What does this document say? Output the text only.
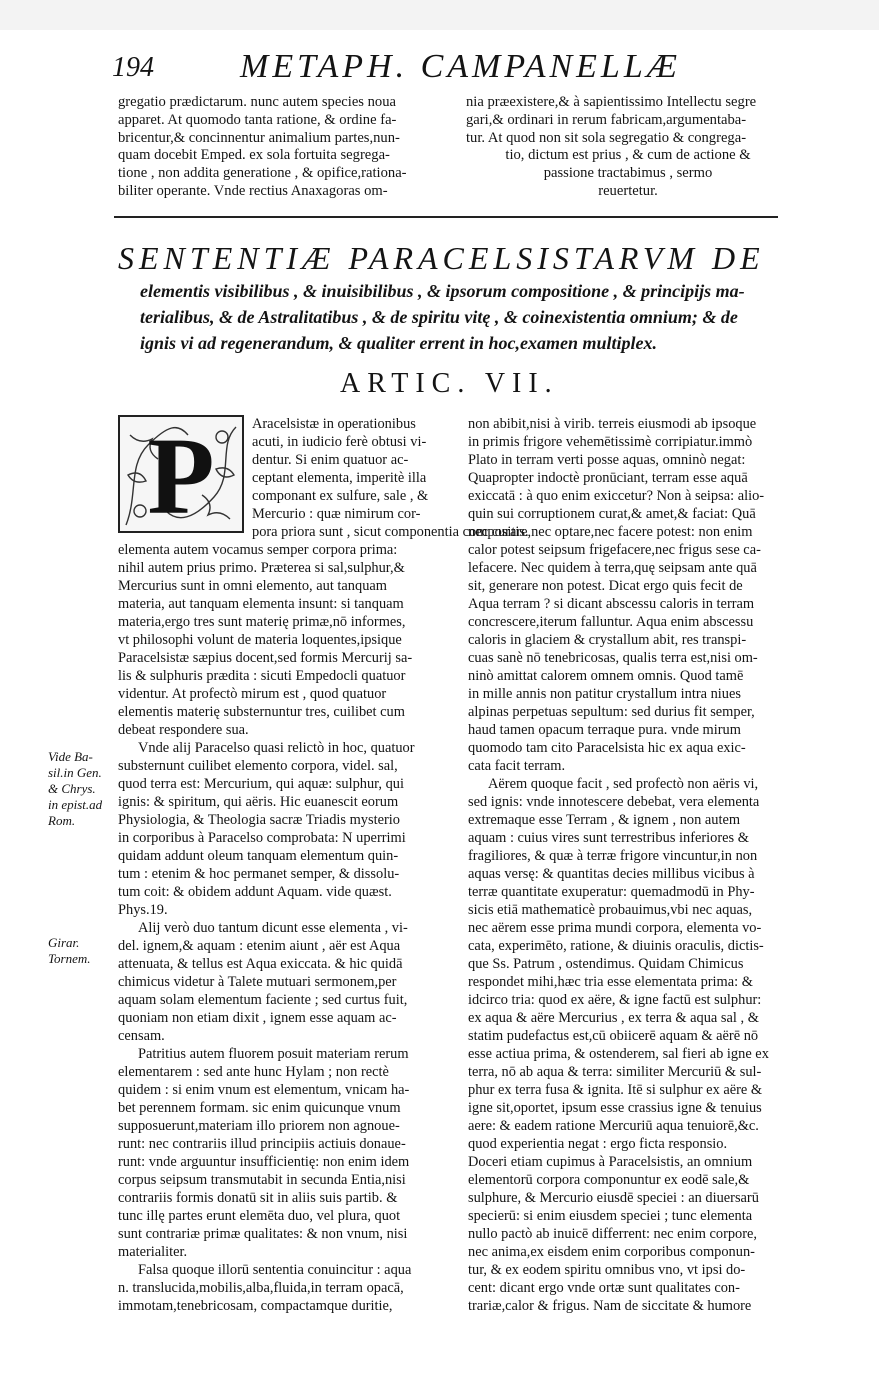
194	METAPH. CAMPANELLÆ
gregatio prædictarum. nunc autem species noua
apparet. At quomodo tanta ratione, & ordine fa-
bricentur,& concinnentur animalium partes,nun-
quam docebit Emped. ex sola fortuita segrega-
tione , non addita generatione , & opifice,rationa-
biliter operante. Vnde rectius Anaxagoras om-
nia præexistere,& à sapientissimo Intellectu segre
gari,& ordinari in rerum fabricam,argumentaba-
tur. At quod non sit sola segregatio & congrega-
tio, dictum est prius , & cum de actione &
passione tractabimus , sermo
reuertetur.
SENTENTIÆ PARACELSISTARVM DE
elementis visibilibus , & inuisibilibus , & ipsorum compositione , & principijs ma-
terialibus, & de Astralitatibus , & de spiritu vitę , & coinexistentia omnium; & de
ignis vi ad regenerandum, & qualiter errent in hoc,examen multiplex.
ARTIC. VII.
P	Aracelsistæ in operationibus
acuti, in iudicio ferè obtusi vi-
dentur. Si enim quatuor ac-
ceptant elementa, imperitè illa
componant ex sulfure, sale , &
Mercurio : quæ nimirum cor-
pora priora sunt , sicut componentia compositis.
elementa autem vocamus semper corpora prima:
nihil autem prius primo. Præterea si sal,sulphur,&
Mercurius sunt in omni elemento, aut tanquam
materia, aut tanquam elementa insunt: si tanquam
materia,ergo tres sunt materię primæ,nō informes,
vt philosophi volunt de materia loquentes,ipsique
Paracelsistæ sæpius docent,sed formis Mercurij sa-
lis & sulphuris prædita : sicuti Empedocli quatuor
videntur. At profectò mirum est , quod quatuor
elementis materię substernuntur tres, cuilibet cum
debeat respondere sua.
Vnde alij Paracelso quasi relictò in hoc, quatuor
substernunt cuilibet elemento corpora, videl. sal,
quod terra est: Mercurium, qui aquæ: sulphur, qui
ignis: & spiritum, qui aëris. Hic euanescit eorum
Physiologia, & Theologia sacræ Triadis mysterio
in corporibus à Paracelso comprobata: N uperrimi
quidam addunt oleum tanquam elementum quin-
tum : etenim & hoc permanet semper, & dissolu-
tum coit: & obidem addunt Aquam. vide quæst.
Phys.19.
Alij verò duo tantum dicunt esse elementa , vi-
del. ignem,& aquam : etenim aiunt , aër est Aqua
attenuata, & tellus est Aqua exiccata. & hic quidā
chimicus videtur à Talete mutuari sermonem,per
aquam solam elementum faciente ; sed curtus fuit,
quoniam non etiam dixit , ignem esse aquam ac-
censam.
Patritius autem fluorem posuit materiam rerum
elementarem : sed ante hunc Hylam ; non rectè
quidem : si enim vnum est elementum, vnicam ha-
bet perennem formam. sic enim quicunque vnum
supposuerunt,materiam illo priorem non agnoue-
runt: nec contrariis illud principiis actiuis donaue-
runt: vnde arguuntur insufficientię: non enim idem
corpus seipsum transmutabit in secunda Entia,nisi
contrariis formis donatū sit in aliis suis partib. &
tunc illę partes erunt elemēta duo, vel plura, quot
sunt contrariæ primæ qualitates: & non vnum, nisi
materialiter.
Falsa quoque illorū sententia conuincitur : aqua
n. translucida,mobilis,alba,fluida,in terram opacā,
immotam,tenebricosam, compactamque duritie,
Vide Ba-
sil.in Gen.
& Chrys.
in epist.ad
Rom.
Girar.
Tornem.
non abibit,nisi à virib. terreis eiusmodi ab ipsoque
in primis frigore vehemētissimè corripiatur.immò
Plato in terram verti posse aquas, omninò negat:
Quapropter indoctè pronūciant, terram esse aquā
exiccatā : à quo enim exiccetur? Non à seipsa: alio-
quin sui corruptionem curat,& amet,& faciat: Quā
nec curare,nec optare,nec facere potest: non enim
calor potest seipsum frigefacere,nec frigus sese ca-
lefacere. Nec quidem à terra,quę seipsam ante quā
sit, generare non potest. Dicat ergo quis fecit de
Aqua terram ? si dicant abscessu caloris in terram
concrescere,iterum falluntur. Aqua enim abscessu
caloris in glaciem & crystallum abit, res transpi-
cuas sanè nō tenebricosas, qualis terra est,nisi om-
ninò amittat calorem omnem omnis. Quod tamē
in mille annis non patitur crystallum intra niues
alpinas perpetuas sepultum: sed durius fit semper,
haud tamen opacum terraque pura. vnde mirum
quomodo tam cito Paracelsista hic ex aqua exic-
cata facit terram.
Aërem quoque facit , sed profectò non aëris vi,
sed ignis: vnde innotescere debebat, vera elementa
extremaque esse Terram , & ignem , non autem
aquam : cuius vires sunt terrestribus inferiores &
fragiliores, & quæ à terræ frigore vincuntur,in non
aquas versę: & quantitas decies millibus vicibus à
terræ quantitate exuperatur: quemadmodū in Phy-
sicis etiā mathematicè probauimus,vbi nec aquas,
nec aërem esse prima mundi corpora, elementa vo-
cata, experimēto, ratione, & diuinis oraculis, dictis-
que Ss. Patrum , ostendimus. Quidam Chimicus
respondet mihi,hæc tria esse elementata prima: &
idcirco tria: quod ex aëre, & igne factū est sulphur:
ex aqua & aëre Mercurius , ex terra & aqua sal , &
statim pudefactus est,cū obiicerē aquam & aërē nō
esse actiua prima, & ostenderem, sal fieri ab igne ex
terra, nō ab aqua & terra: similiter Mercuriū & sul-
phur ex terra fusa & ignita. Itē si sulphur ex aëre &
igne sit,oportet, ipsum esse crassius igne & tenuius
aere: & eadem ratione Mercuriū aqua tenuiorē,&c.
quod experientia negat : ergo ficta responsio.
Doceri etiam cupimus à Paracelsistis, an omnium
elementorū corpora componuntur ex eodē sale,&
sulphure, & Mercurio eiusdē speciei : an diuersarū
specierū: si enim eiusdem speciei ; tunc elementa
nullo pactò ab inuicē differrent: nec enim corpore,
nec anima,ex eisdem enim corporibus componun-
tur, & ex eodem spiritu omnibus vno, vt ipsi do-
cent: dicant ergo vnde ortæ sunt qualitates con-
trariæ,calor & frigus. Nam de siccitate & humore
